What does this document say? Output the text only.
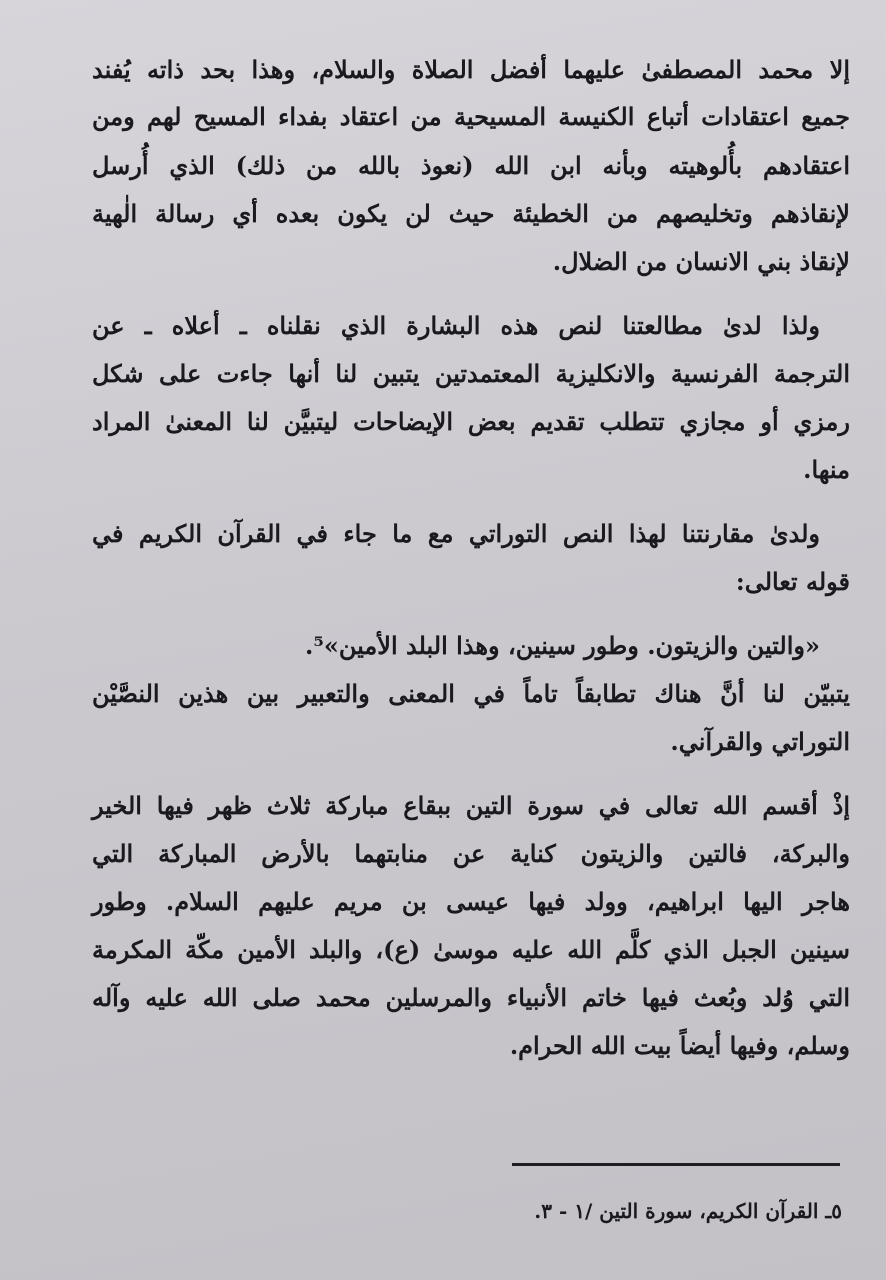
إلا محمد المصطفىٰ عليهما أفضل الصلاة والسلام، وهذا بحد ذاته يُفند
جميع اعتقادات أتباع الكنيسة المسيحية من اعتقاد بفداء المسيح لهم ومن
اعتقادهم بأُلوهيته وبأنه ابن الله (نعوذ بالله من ذلك) الذي أُرسل
لإنقاذهم وتخليصهم من الخطيئة حيث لن يكون بعده أي رسالة الٰهية
لإنقاذ بني الانسان من الضلال.
ولذا لدىٰ مطالعتنا لنص هذه البشارة الذي نقلناه ـ أعلاه ـ عن
الترجمة الفرنسية والانكليزية المعتمدتين يتبين لنا أنها جاءت على شكل
رمزي أو مجازي تتطلب تقديم بعض الإيضاحات ليتبيَّن لنا المعنىٰ المراد
منها.
ولدىٰ مقارنتنا لهذا النص التوراتي مع ما جاء في القرآن الكريم في
قوله تعالى:
«والتين والزيتون. وطور سينين، وهذا البلد الأمين»⁵.
يتبيّن لنا أنَّ هناك تطابقاً تاماً في المعنى والتعبير بين هذين النصَّيْن
التوراتي والقرآني.
إذْ أقسم الله تعالى في سورة التين ببقاع مباركة ثلاث ظهر فيها الخير
والبركة، فالتين والزيتون كناية عن منابتهما بالأرض المباركة التي
هاجر اليها ابراهيم، وولد فيها عيسى بن مريم عليهم السلام. وطور
سينين الجبل الذي كلَّم الله عليه موسىٰ (ع)، والبلد الأمين مكّة المكرمة
التي وُلد وبُعث فيها خاتم الأنبياء والمرسلين محمد صلى الله عليه وآله
وسلم، وفيها أيضاً بيت الله الحرام.
٥ـ القرآن الكريم، سورة التين /١ - ٣.
